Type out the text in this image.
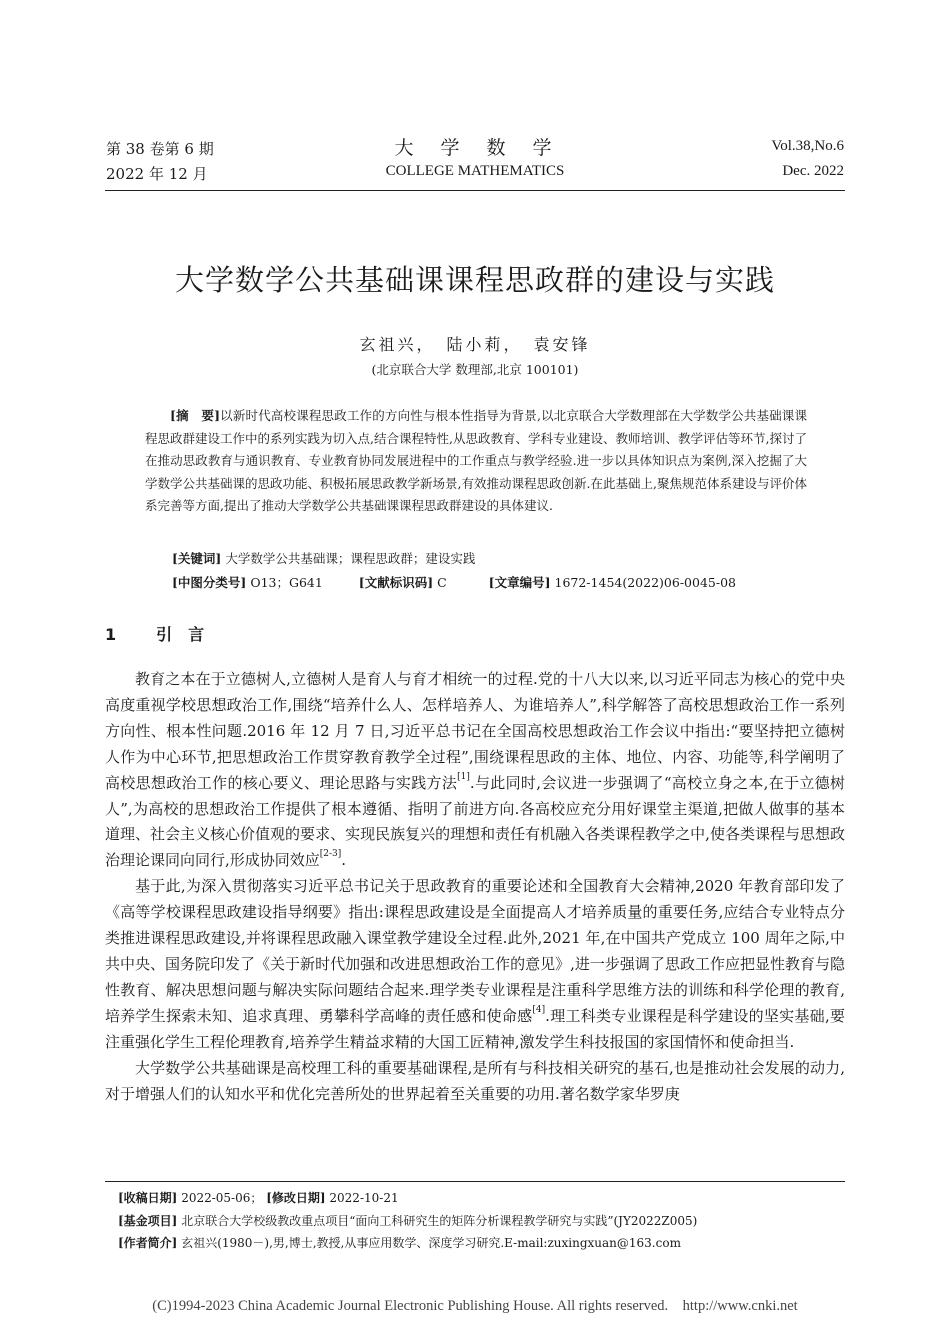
第 38 卷第 6 期
2022 年 12 月
大　学　数　学
COLLEGE MATHEMATICS
Vol.38,No.6
Dec. 2022
大学数学公共基础课课程思政群的建设与实践
玄祖兴，　陆小莉，　袁安锋
(北京联合大学 数理部,北京 100101)
[摘　要]以新时代高校课程思政工作的方向性与根本性指导为背景,以北京联合大学数理部在大学数学公共基础课课程思政群建设工作中的系列实践为切入点,结合课程特性,从思政教育、学科专业建设、教师培训、教学评估等环节,探讨了在推动思政教育与通识教育、专业教育协同发展进程中的工作重点与教学经验.进一步以具体知识点为案例,深入挖掘了大学数学公共基础课的思政功能、积极拓展思政教学新场景,有效推动课程思政创新.在此基础上,聚焦规范体系建设与评价体系完善等方面,提出了推动大学数学公共基础课课程思政群建设的具体建议.
[关键词] 大学数学公共基础课；课程思政群；建设实践
[中图分类号] O13；G641	[文献标识码] C	[文章编号] 1672-1454(2022)06-0045-08
1	引　言

教育之本在于立德树人,立德树人是育人与育才相统一的过程.党的十八大以来,以习近平同志为核心的党中央高度重视学校思想政治工作,围绕“培养什么人、怎样培养人、为谁培养人”,科学解答了高校思想政治工作一系列方向性、根本性问题.2016 年 12 月 7 日,习近平总书记在全国高校思想政治工作会议中指出:“要坚持把立德树人作为中心环节,把思想政治工作贯穿教育教学全过程”,围绕课程思政的主体、地位、内容、功能等,科学阐明了高校思想政治工作的核心要义、理论思路与实践方法[1].与此同时,会议进一步强调了“高校立身之本,在于立德树人”,为高校的思想政治工作提供了根本遵循、指明了前进方向.各高校应充分用好课堂主渠道,把做人做事的基本道理、社会主义核心价值观的要求、实现民族复兴的理想和责任有机融入各类课程教学之中,使各类课程与思想政治理论课同向同行,形成协同效应[2-3].

基于此,为深入贯彻落实习近平总书记关于思政教育的重要论述和全国教育大会精神,2020 年教育部印发了《高等学校课程思政建设指导纲要》指出:课程思政建设是全面提高人才培养质量的重要任务,应结合专业特点分类推进课程思政建设,并将课程思政融入课堂教学建设全过程.此外,2021 年,在中国共产党成立 100 周年之际,中共中央、国务院印发了《关于新时代加强和改进思想政治工作的意见》,进一步强调了思政工作应把显性教育与隐性教育、解决思想问题与解决实际问题结合起来.理学类专业课程是注重科学思维方法的训练和科学伦理的教育,培养学生探索未知、追求真理、勇攀科学高峰的责任感和使命感[4].理工科类专业课程是科学建设的坚实基础,要注重强化学生工程伦理教育,培养学生精益求精的大国工匠精神,激发学生科技报国的家国情怀和使命担当.

大学数学公共基础课是高校理工科的重要基础课程,是所有与科技相关研究的基石,也是推动社会发展的动力,对于增强人们的认知水平和优化完善所处的世界起着至关重要的功用.著名数学家华罗庚

[收稿日期] 2022-05-06； [修改日期] 2022-10-21
[基金项目] 北京联合大学校级教改重点项目“面向工科研究生的矩阵分析课程教学研究与实践”(JY2022Z005)
[作者简介] 玄祖兴(1980－),男,博士,教授,从事应用数学、深度学习研究.E-mail:zuxingxuan@163.com
(C)1994-2023 China Academic Journal Electronic Publishing House. All rights reserved.    http://www.cnki.net
